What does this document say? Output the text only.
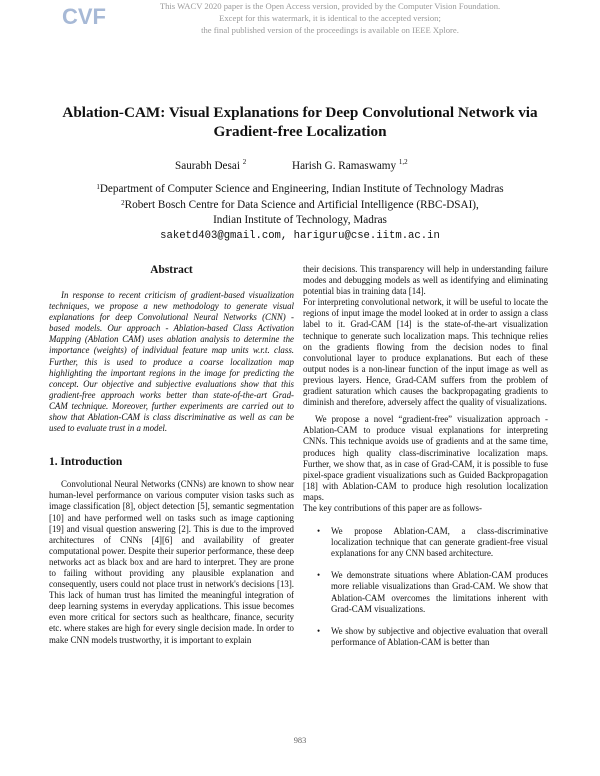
CVF	This WACV 2020 paper is the Open Access version, provided by the Computer Vision Foundation.
Except for this watermark, it is identical to the accepted version;
the final published version of the proceedings is available on IEEE Xplore.
Ablation-CAM: Visual Explanations for Deep Convolutional Network via
Gradient-free Localization
Saurabh Desai $^2$	Harish G. Ramaswamy $^{1,2}$
$^1$Department of Computer Science and Engineering, Indian Institute of Technology Madras
$^2$Robert Bosch Centre for Data Science and Artificial Intelligence (RBC-DSAI),
Indian Institute of Technology, Madras
saketd403@gmail.com, hariguru@cse.iitm.ac.in
Abstract

In response to recent criticism of gradient-based visualization techniques, we propose a new methodology to generate visual explanations for deep Convolutional Neural Networks (CNN) - based models. Our approach - Ablation-based Class Activation Mapping (Ablation CAM) uses ablation analysis to determine the importance (weights) of individual feature map units w.r.t. class. Further, this is used to produce a coarse localization map highlighting the important regions in the image for predicting the concept. Our objective and subjective evaluations show that this gradient-free approach works better than state-of-the-art Grad-CAM technique. Moreover, further experiments are carried out to show that Ablation-CAM is class discriminative as well as can be used to evaluate trust in a model.

1. Introduction

Convolutional Neural Networks (CNNs) are known to show near human-level performance on various computer vision tasks such as image classification [8], object detection [5], semantic segmentation [10] and have performed well on tasks such as image captioning [19] and visual question answering [2]. This is due to the improved architectures of CNNs [4][6] and availability of greater computational power. Despite their superior performance, these deep networks act as black box and are hard to interpret. They are prone to failing without providing any plausible explanation and consequently, users could not place trust in network's decisions [13]. This lack of human trust has limited the meaningful integration of deep learning systems in everyday applications. This issue becomes even more critical for sectors such as healthcare, finance, security etc. where stakes are high for every single decision made. In order to make CNN models trustworthy, it is important to explain

their decisions. This transparency will help in understanding failure modes and debugging models as well as identifying and eliminating potential bias in training data [14].

For interpreting convolutional network, it will be useful to locate the regions of input image the model looked at in order to assign a class label to it. Grad-CAM [14] is the state-of-the-art visualization technique to generate such localization maps. This technique relies on the gradients flowing from the decision nodes to final convolutional layer to produce explanations. But each of these output nodes is a non-linear function of the input image as well as previous layers. Hence, Grad-CAM suffers from the problem of gradient saturation which causes the backpropagating gradients to diminish and therefore, adversely affect the quality of visualizations.

We propose a novel “gradient-free” visualization approach - Ablation-CAM to produce visual explanations for interpreting CNNs. This technique avoids use of gradients and at the same time, produces high quality class-discriminative localization maps. Further, we show that, as in case of Grad-CAM, it is possible to fuse pixel-space gradient visualizations such as Guided Backpropagation [18] with Ablation-CAM to produce high resolution localization maps.

The key contributions of this paper are as follows-

• We propose Ablation-CAM, a class-discriminative localization technique that can generate gradient-free visual explanations for any CNN based architecture.
• We demonstrate situations where Ablation-CAM produces more reliable visualizations than Grad-CAM. We show that Ablation-CAM overcomes the limitations inherent with Grad-CAM visualizations.
• We show by subjective and objective evaluation that overall performance of Ablation-CAM is better than
983
